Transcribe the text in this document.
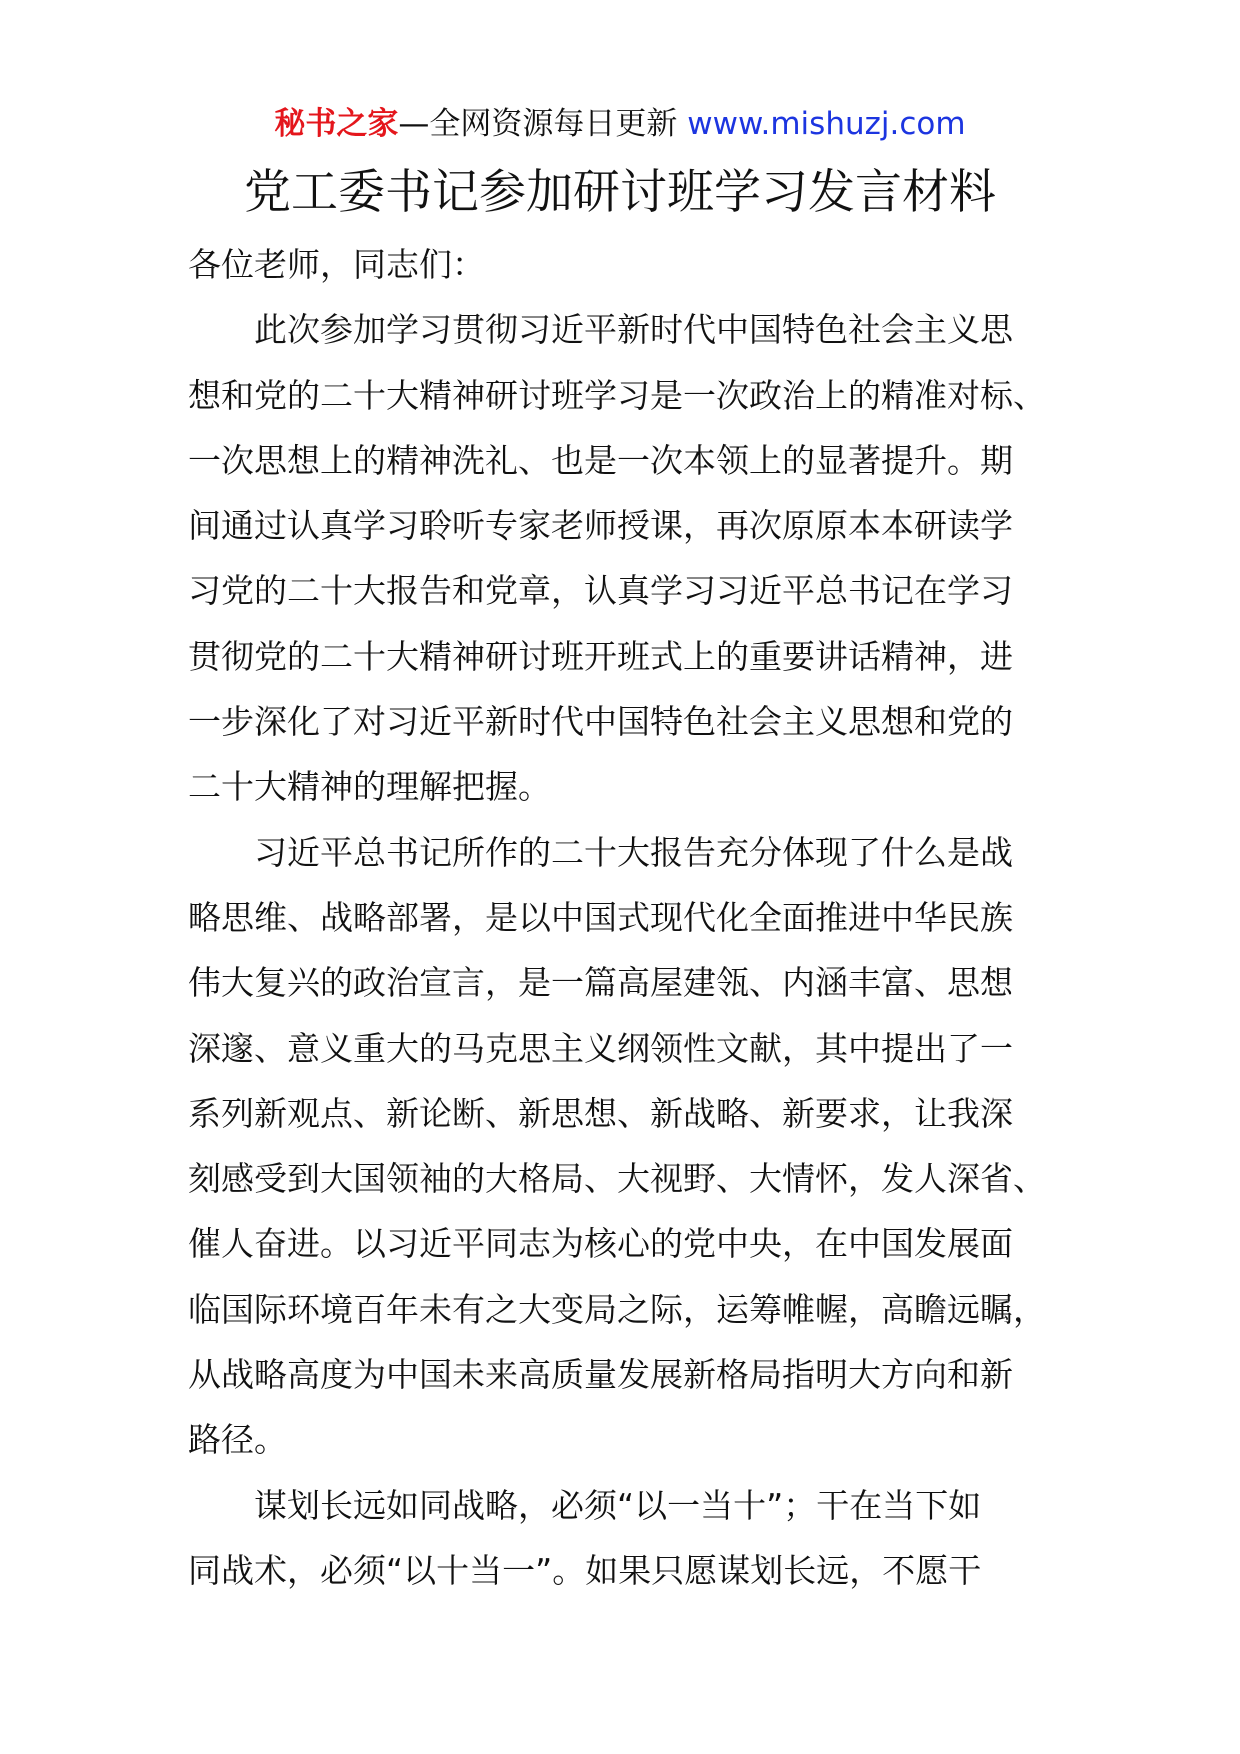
秘书之家—全网资源每日更新 www.mishuzj.com
党工委书记参加研讨班学习发言材料
各位老师，同志们：
此次参加学习贯彻习近平新时代中国特色社会主义思
想和党的二十大精神研讨班学习是一次政治上的精准对标、
一次思想上的精神洗礼、也是一次本领上的显著提升。期
间通过认真学习聆听专家老师授课，再次原原本本研读学
习党的二十大报告和党章，认真学习习近平总书记在学习
贯彻党的二十大精神研讨班开班式上的重要讲话精神，进
一步深化了对习近平新时代中国特色社会主义思想和党的
二十大精神的理解把握。
习近平总书记所作的二十大报告充分体现了什么是战
略思维、战略部署，是以中国式现代化全面推进中华民族
伟大复兴的政治宣言，是一篇高屋建瓴、内涵丰富、思想
深邃、意义重大的马克思主义纲领性文献，其中提出了一
系列新观点、新论断、新思想、新战略、新要求，让我深
刻感受到大国领袖的大格局、大视野、大情怀，发人深省、
催人奋进。以习近平同志为核心的党中央，在中国发展面
临国际环境百年未有之大变局之际，运筹帷幄，高瞻远瞩，
从战略高度为中国未来高质量发展新格局指明大方向和新
路径。
谋划长远如同战略，必须“以一当十”；干在当下如
同战术，必须“以十当一”。如果只愿谋划长远，不愿干
